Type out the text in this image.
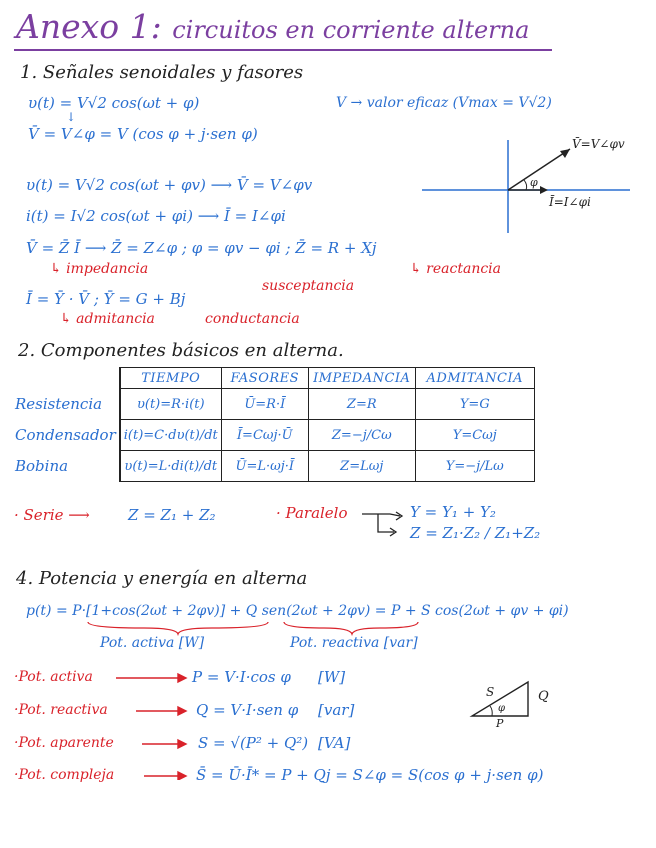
Anexo 1: circuitos en corriente alterna
1. Señales senoidales y fasores
υ(t) = V√2 cos(ωt + φ)
↓
V̄ = V∠φ = V (cos φ + j·sen φ)
V → valor eficaz (Vmax = V√2)
V̄=V∠φv
Ī=I∠φi
φ
υ(t) = V√2 cos(ωt + φv) ⟶ V̄ = V∠φv
i(t) = I√2 cos(ωt + φi) ⟶ Ī = I∠φi
V̄ = Z̄ Ī ⟶ Z̄ = Z∠φ ; φ = φv − φi ; Z̄ = R + Xj
↳ impedancia	↳ reactancia
Ī = Ȳ · V̄ ; Ȳ = G + Bj
susceptancia
↳ admitancia	conductancia
2. Componentes básicos en alterna.
	TIEMPO	FASORES	IMPEDANCIA	ADMITANCIA
Resistencia	υ(t)=R·i(t)	Ū=R·Ī	Z=R	Y=G
Condensador	i(t)=C·dυ(t)/dt	Ī=Cωj·Ū	Z=−j/Cω	Y=Cωj
Bobina	υ(t)=L·di(t)/dt	Ū=L·ωj·Ī	Z=Lωj	Y=−j/Lω
· Serie ⟶	Z = Z₁ + Z₂	· Paralelo	Y = Y₁ + Y₂
Z = Z₁·Z₂ / Z₁+Z₂
4. Potencia y energía en alterna
p(t) = P·[1+cos(2ωt + 2φv)] + Q sen(2ωt + 2φv) = P + S cos(2ωt + φv + φi)
Pot. activa [W]	Pot. reactiva [var]
·Pot. activa
·Pot. reactiva
·Pot. aparente
·Pot. compleja
P = V·I·cos φ [W]
Q = V·I·sen φ [var]
S = √(P² + Q²) [VA]
S̄ = Ū·Ī* = P + Qj = S∠φ = S(cos φ + j·sen φ)
S	Q
P
φ
